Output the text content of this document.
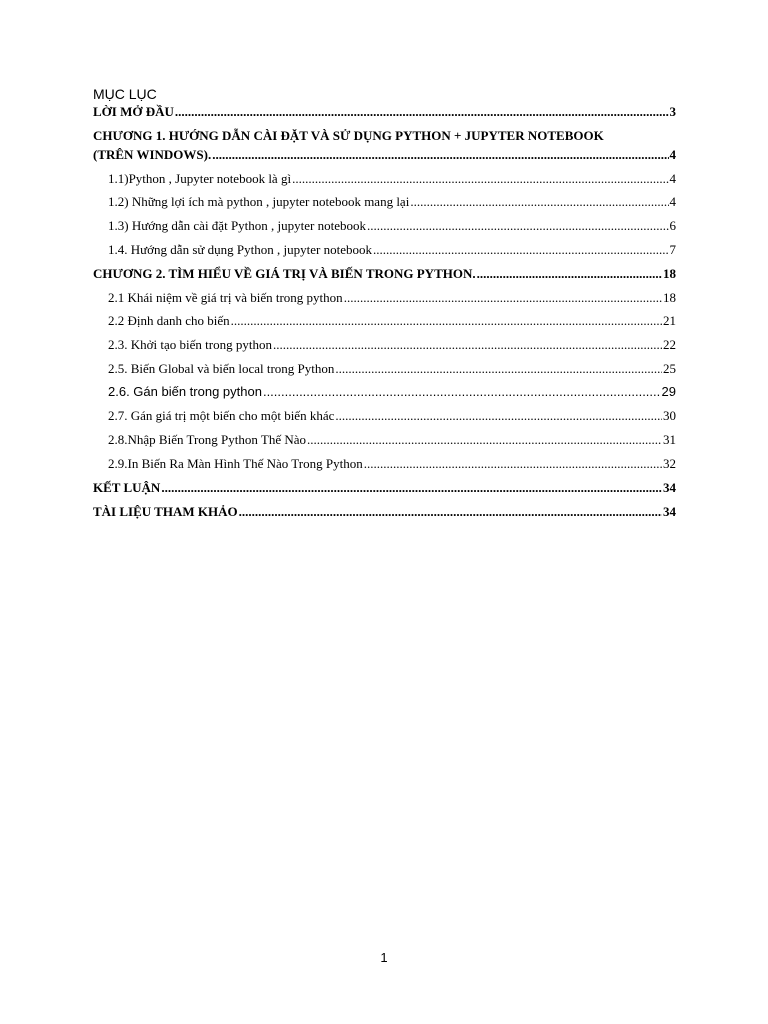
MỤC LỤC
LỜI MỞ ĐẦU .....	3
CHƯƠNG 1. HƯỚNG DẪN CÀI ĐẶT VÀ SỬ DỤNG PYTHON + JUPYTER NOTEBOOK
(TRÊN WINDOWS). .....	4
1.1)Python , Jupyter notebook là gì .....	4
1.2) Những lợi ích mà python , jupyter notebook mang lại .....	4
1.3) Hướng dẫn cài đặt Python , jupyter notebook .....	6
1.4. Hướng dẫn sử dụng Python , jupyter notebook .....	7
CHƯƠNG 2. TÌM HIỂU VỀ GIÁ TRỊ VÀ BIẾN TRONG PYTHON. .....	18
2.1 Khái niệm về giá trị và biến trong python .....	18
2.2 Định danh cho biến .....	21
2.3. Khởi tạo biến trong python .....	22
2.5. Biến Global và biến local trong Python .....	25
2.6. Gán biến trong python .....	29
2.7. Gán giá trị một biến cho một biến khác .....	30
2.8.Nhập Biến Trong Python Thế Nào .....	31
2.9.In Biến Ra Màn Hình Thế Nào Trong Python .....	32
KẾT LUẬN .....	34
TÀI LIỆU THAM KHẢO .....	34
1
